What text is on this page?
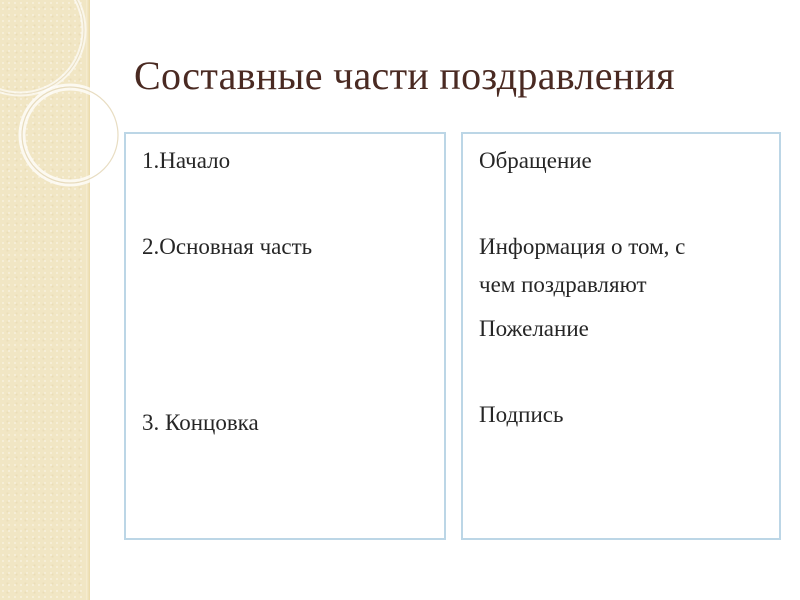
Составные части поздравления
1.Начало
2.Основная часть
3. Концовка
Обращение
Информация о том, с
чем поздравляют
Пожелание
Подпись
